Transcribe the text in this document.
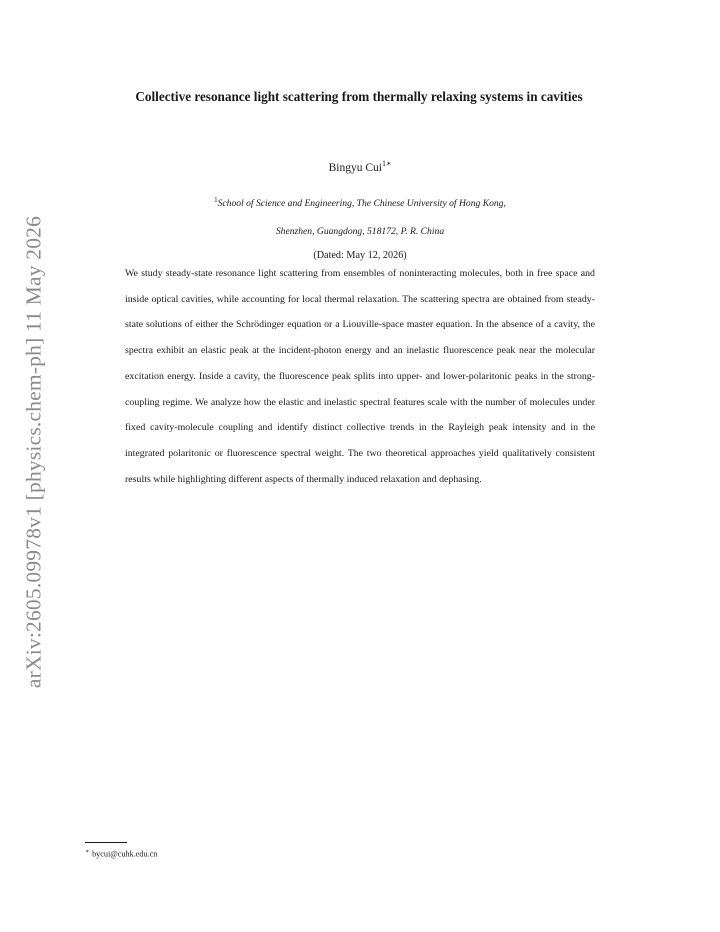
arXiv:2605.09978v1 [physics.chem-ph] 11 May 2026
Collective resonance light scattering from thermally relaxing systems in cavities
Bingyu Cui$^{1∗}$
$^1$School of Science and Engineering, The Chinese University of Hong Kong,
Shenzhen, Guangdong, 518172, P. R. China
(Dated: May 12, 2026)
We study steady-state resonance light scattering from ensembles of noninteracting molecules, both in free space and inside optical cavities, while accounting for local thermal relaxation. The scattering spectra are obtained from steady-state solutions of either the Schrödinger equation or a Liouville-space master equation. In the absence of a cavity, the spectra exhibit an elastic peak at the incident-photon energy and an inelastic fluorescence peak near the molecular excitation energy. Inside a cavity, the fluorescence peak splits into upper- and lower-polaritonic peaks in the strong-coupling regime. We analyze how the elastic and inelastic spectral features scale with the number of molecules under fixed cavity-molecule coupling and identify distinct collective trends in the Rayleigh peak intensity and in the integrated polaritonic or fluorescence spectral weight. The two theoretical approaches yield qualitatively consistent results while highlighting different aspects of thermally induced relaxation and dephasing.
∗ bycui@cuhk.edu.cn
